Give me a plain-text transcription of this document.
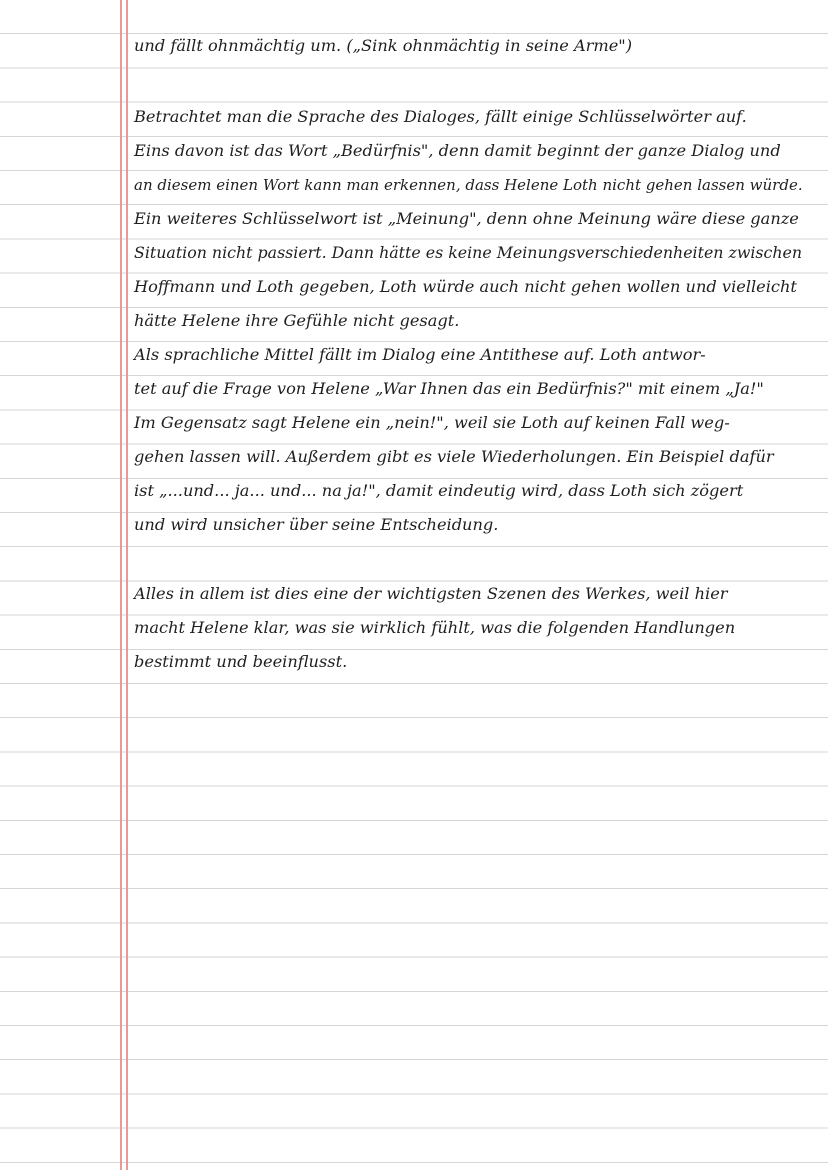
und fällt ohnmächtig um. („Sink ohnmächtig in seine Arme")
Betrachtet man die Sprache des Dialoges, fällt einige Schlüsselwörter auf.
Eins davon ist das Wort „Bedürfnis", denn damit beginnt der ganze Dialog und
an diesem einen Wort kann man erkennen, dass Helene Loth nicht gehen lassen würde.
Ein weiteres Schlüsselwort ist „Meinung", denn ohne Meinung wäre diese ganze
Situation nicht passiert. Dann hätte es keine Meinungsverschiedenheiten zwischen
Hoffmann und Loth gegeben, Loth würde auch nicht gehen wollen und vielleicht
hätte Helene ihre Gefühle nicht gesagt.
Als sprachliche Mittel fällt im Dialog eine Antithese auf. Loth antwor-
tet auf die Frage von Helene „War Ihnen das ein Bedürfnis?" mit einem „Ja!"
Im Gegensatz sagt Helene ein „nein!", weil sie Loth auf keinen Fall weg-
gehen lassen will. Außerdem gibt es viele Wiederholungen. Ein Beispiel dafür
ist „...und... ja... und... na ja!", damit eindeutig wird, dass Loth sich zögert
und wird unsicher über seine Entscheidung.
Alles in allem ist dies eine der wichtigsten Szenen des Werkes, weil hier
macht Helene klar, was sie wirklich fühlt, was die folgenden Handlungen
bestimmt und beeinflusst.
